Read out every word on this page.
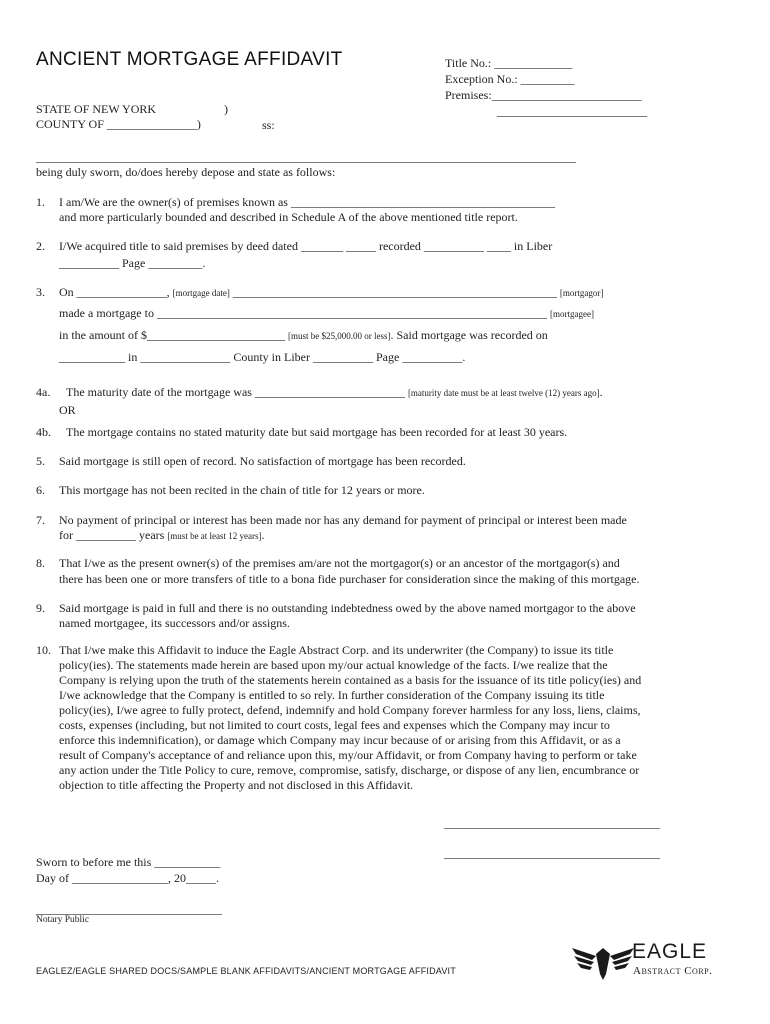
ANCIENT MORTGAGE AFFIDAVIT	Title No.: _____________
Exception No.: _________
Premises:_________________________
_________________________
STATE OF NEW YORK	)
COUNTY OF _______________)	ss:
__________________________________________________________________________________________
being duly sworn, do/does hereby depose and state as follows:
1. I am/We are the owner(s) of premises known as ____________________________________________
and more particularly bounded and described in Schedule A of the above mentioned title report.
2. I/We acquired title to said premises by deed dated _______ _____ recorded __________ ____ in Liber
__________ Page _________.
3. On _______________, [mortgage date] ______________________________________________________ [mortgagor]
made a mortgage to _________________________________________________________________ [mortgagee]
in the amount of $_______________________ [must be $25,000.00 or less]. Said mortgage was recorded on
___________ in _______________ County in Liber __________ Page __________.
4a. The maturity date of the mortgage was _________________________ [maturity date must be at least twelve (12) years ago].
OR
4b. The mortgage contains no stated maturity date but said mortgage has been recorded for at least 30 years.
5. Said mortgage is still open of record. No satisfaction of mortgage has been recorded.
6. This mortgage has not been recited in the chain of title for 12 years or more.
7. No payment of principal or interest has been made nor has any demand for payment of principal or interest been made
for __________ years [must be at least 12 years].
8. That I/we as the present owner(s) of the premises am/are not the mortgagor(s) or an ancestor of the mortgagor(s) and
there has been one or more transfers of title to a bona fide purchaser for consideration since the making of this mortgage.
9. Said mortgage is paid in full and there is no outstanding indebtedness owed by the above named mortgagor to the above
named mortgagee, its successors and/or assigns.
10. That I/we make this Affidavit to induce the Eagle Abstract Corp. and its underwriter (the Company) to issue its title
policy(ies). The statements made herein are based upon my/our actual knowledge of the facts. I/we realize that the
Company is relying upon the truth of the statements herein contained as a basis for the issuance of its title policy(ies) and
I/we acknowledge that the Company is entitled to so rely. In further consideration of the Company issuing its title
policy(ies), I/we agree to fully protect, defend, indemnify and hold Company forever harmless for any loss, liens, claims,
costs, expenses (including, but not limited to court costs, legal fees and expenses which the Company may incur to
enforce this indemnification), or damage which Company may incur because of or arising from this Affidavit, or as a
result of Company's acceptance of and reliance upon this, my/our Affidavit, or from Company having to perform or take
any action under the Title Policy to cure, remove, compromise, satisfy, discharge, or dispose of any lien, encumbrance or
objection to title affecting the Property and not disclosed in this Affidavit.
____________________________________
____________________________________
Sworn to before me this ___________
Day of ________________, 20_____.
_______________________________
Notary Public
EAGLEZ/EAGLE SHARED DOCS/SAMPLE BLANK AFFIDAVITS/ANCIENT MORTGAGE AFFIDAVIT
EAGLE
Abstract Corp.
